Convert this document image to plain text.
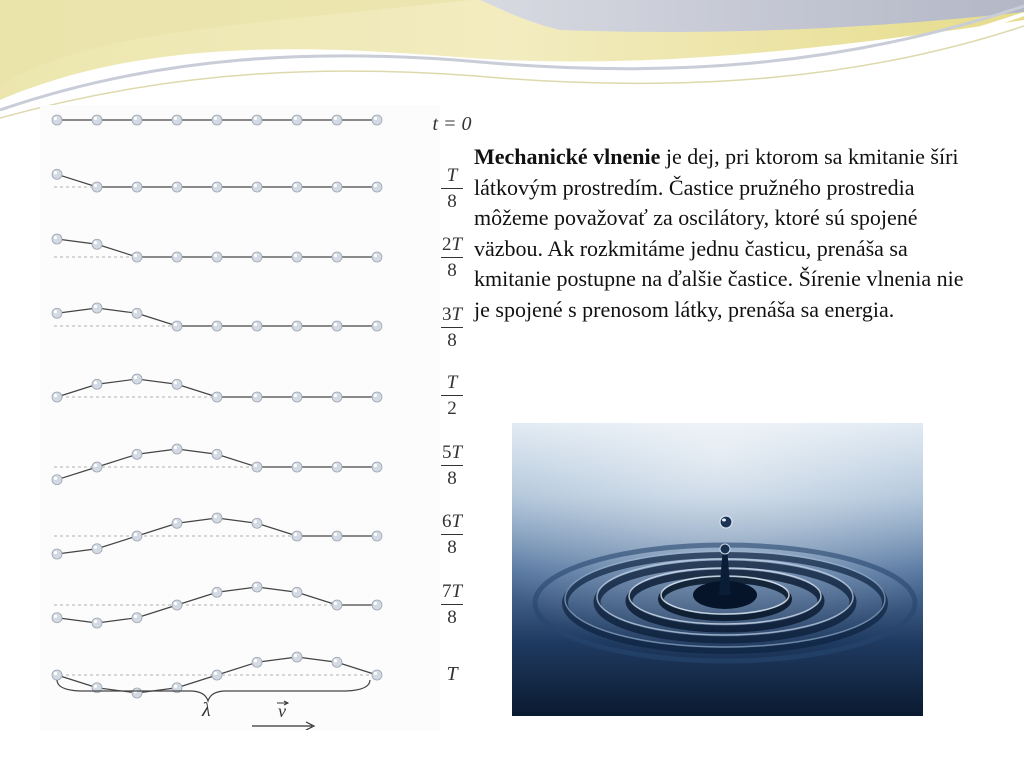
λ	v
t = 0
T
8
2T
8
3T
8
T
2
5T
8
6T
8
7T
8
T
Mechanické vlnenie je dej, pri ktorom sa kmitanie šíri látkovým prostredím. Častice pružného prostredia môžeme považovať za oscilátory, ktoré sú spojené väzbou. Ak rozkmitáme jednu časticu, prenáša sa kmitanie postupne na ďalšie častice. Šírenie vlnenia nie je spojené s prenosom látky, prenáša sa energia.
